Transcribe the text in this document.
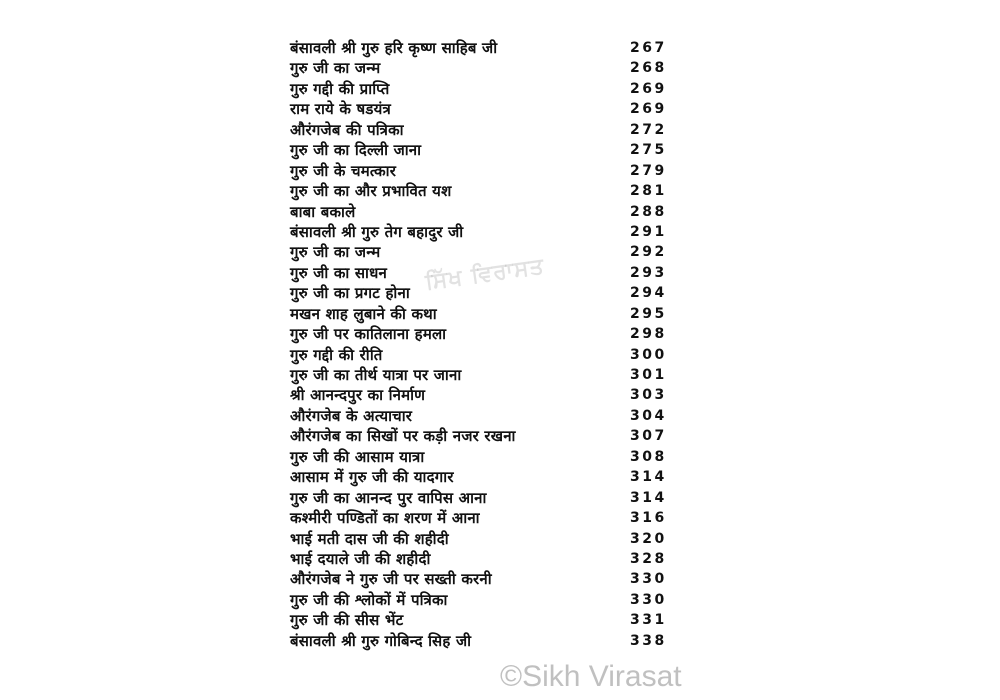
बंसावली श्री गुरु हरि कृष्ण साहिब जी	267
गुरु जी का जन्म	268
गुरु गद्दी की प्राप्ति	269
राम राये के षडयंत्र	269
औरंगजेब की पत्रिका	272
गुरु जी का दिल्ली जाना	275
गुरु जी के चमत्कार	279
गुरु जी का और प्रभावित यश	281
बाबा बकाले	288
बंसावली श्री गुरु तेग बहादुर जी	291
गुरु जी का जन्म	292
गुरु जी का साधन	293
गुरु जी का प्रगट होना	294
मखन शाह लुबाने की कथा	295
गुरु जी पर कातिलाना हमला	298
गुरु गद्दी की रीति	300
गुरु जी का तीर्थ यात्रा पर जाना	301
श्री आनन्दपुर का निर्माण	303
औरंगजेब के अत्याचार	304
औरंगजेब का सिखों पर कड़ी नजर रखना	307
गुरु जी की आसाम यात्रा	308
आसाम में गुरु जी की यादगार	314
गुरु जी का आनन्द पुर वापिस आना	314
कश्मीरी पण्डितों का शरण में आना	316
भाई मती दास जी की शहीदी	320
भाई दयाले जी की शहीदी	328
औरंगजेब ने गुरु जी पर सख्ती करनी	330
गुरु जी की श्लोकों में पत्रिका	330
गुरु जी की सीस भेंट	331
बंसावली श्री गुरु गोबिन्द सिह जी	338
ਸਿੱਖ ਵਿਰਾਸਤ
©Sikh Virasat
